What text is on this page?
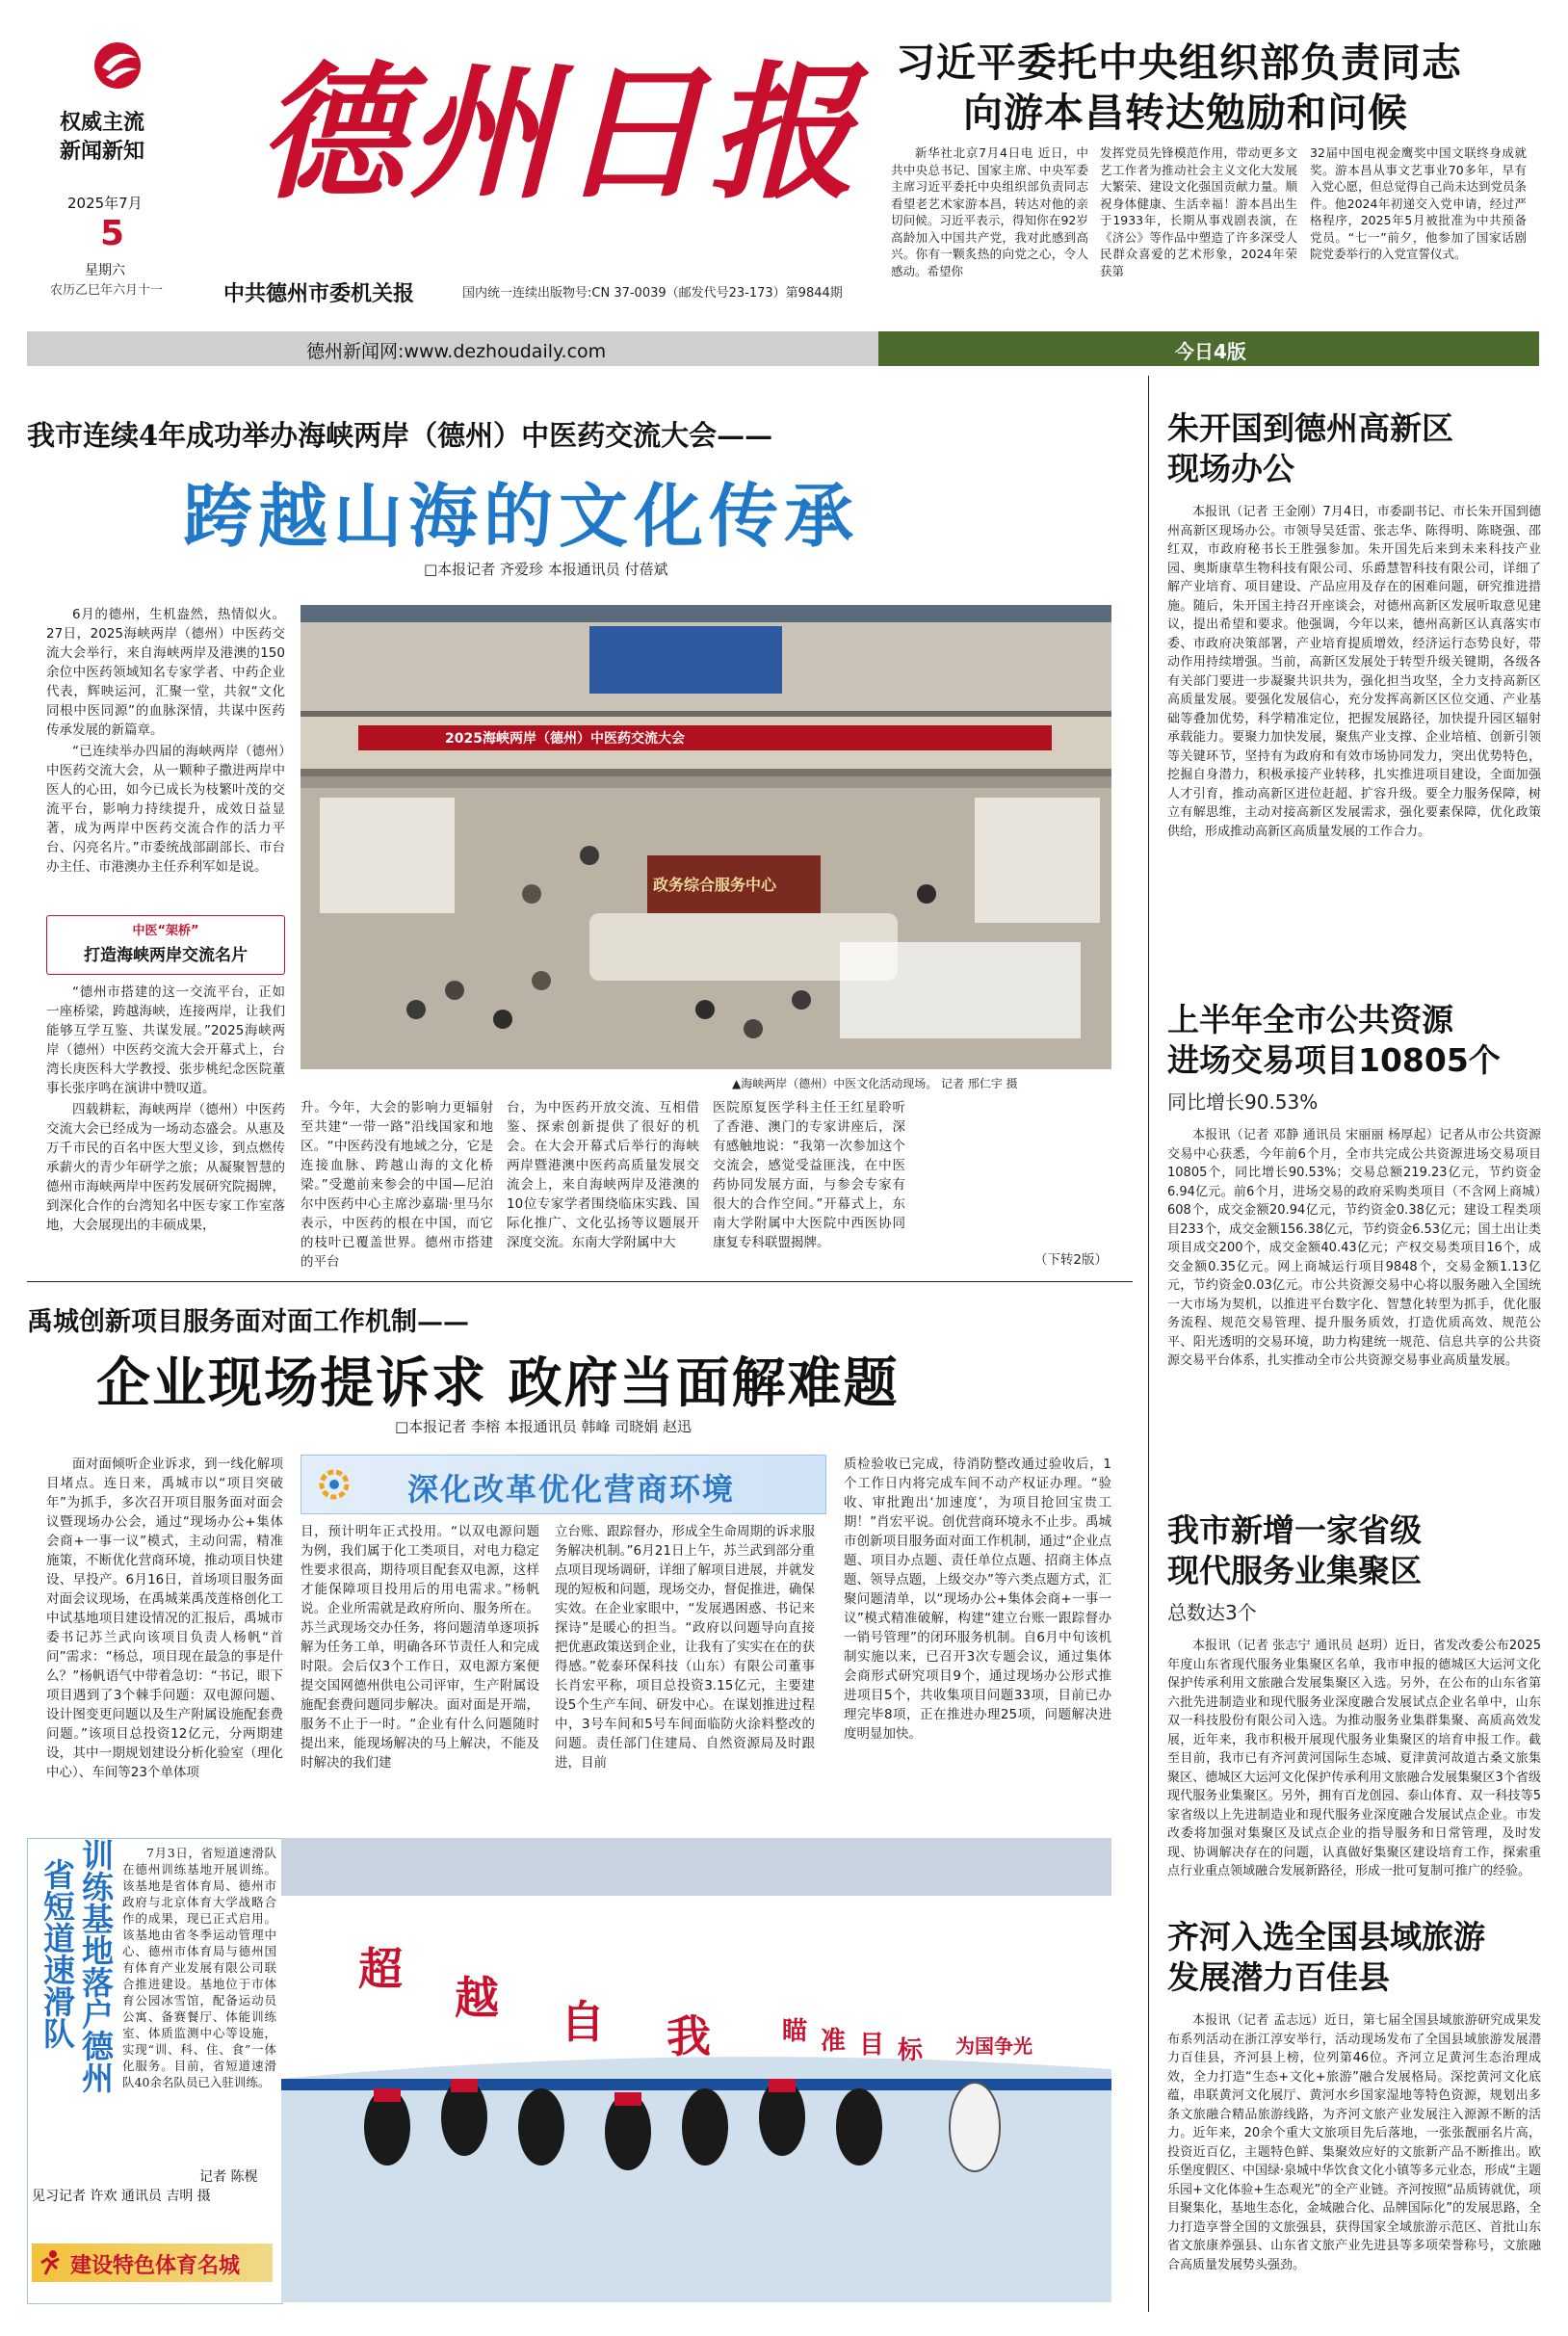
权威主流
新闻新知
2025年7月
5
星期六
农历乙巳年六月十一
德州日报
中共德州市委机关报	国内统一连续出版物号:CN 37-0039（邮发代号23-173）第9844期
习近平委托中央组织部负责同志
向游本昌转达勉励和问候
新华社北京7月4日电 近日，中共中央总书记、国家主席、中央军委主席习近平委托中央组织部负责同志看望老艺术家游本昌，转达对他的亲切问候。习近平表示，得知你在92岁高龄加入中国共产党，我对此感到高兴。你有一颗炙热的向党之心，令人感动。希望你
发挥党员先锋模范作用，带动更多文艺工作者为推动社会主义文化大发展大繁荣、建设文化强国贡献力量。顺祝身体健康、生活幸福！游本昌出生于1933年，长期从事戏剧表演，在《济公》等作品中塑造了许多深受人民群众喜爱的艺术形象，2024年荣获第
32届中国电视金鹰奖中国文联终身成就奖。游本昌从事文艺事业70多年，早有入党心愿，但总觉得自己尚未达到党员条件。他2024年初递交入党申请，经过严格程序，2025年5月被批准为中共预备党员。“七一”前夕，他参加了国家话剧院党委举行的入党宣誓仪式。
德州新闻网:www.dezhoudaily.com	今日4版
我市连续4年成功举办海峡两岸（德州）中医药交流大会——
跨越山海的文化传承
□本报记者 齐爱珍 本报通讯员 付蓓斌

6月的德州，生机盎然，热情似火。27日，2025海峡两岸（德州）中医药交流大会举行，来自海峡两岸及港澳的150余位中医药领域知名专家学者、中药企业代表，辉映运河，汇聚一堂，共叙“文化同根中医同源”的血脉深情，共谋中医药传承发展的新篇章。

“已连续举办四届的海峡两岸（德州）中医药交流大会，从一颗种子撒进两岸中医人的心田，如今已成长为枝繁叶茂的交流平台，影响力持续提升，成效日益显著，成为两岸中医药交流合作的活力平台、闪亮名片。”市委统战部副部长、市台办主任、市港澳办主任乔利军如是说。

中医“架桥”
打造海峡两岸交流名片

“德州市搭建的这一交流平台，正如一座桥梁，跨越海峡，连接两岸，让我们能够互学互鉴、共谋发展。”2025海峡两岸（德州）中医药交流大会开幕式上，台湾长庚医科大学教授、张步桃纪念医院董事长张序鸣在演讲中赞叹道。

四载耕耘，海峡两岸（德州）中医药交流大会已经成为一场动态盛会。从惠及万千市民的百名中医大型义诊，到点燃传承薪火的青少年研学之旅；从凝聚智慧的德州市海峡两岸中医药发展研究院揭牌，到深化合作的台湾知名中医专家工作室落地，大会展现出的丰硕成果，

2025海峡两岸（德州）中医药交流大会
政务综合服务中心
▲海峡两岸（德州）中医文化活动现场。 记者 邢仁宇 摄
升。今年，大会的影响力更辐射至共建“一带一路”沿线国家和地区。“中医药没有地域之分，它是连接血脉、跨越山海的文化桥梁。”受邀前来参会的中国—尼泊尔中医药中心主席沙嘉瑞·里马尔表示，中医药的根在中国，而它的枝叶已覆盖世界。德州市搭建的平台
台，为中医药开放交流、互相借鉴、探索创新提供了很好的机会。在大会开幕式后举行的海峡两岸暨港澳中医药高质量发展交流会上，来自海峡两岸及港澳的10位专家学者围绕临床实践、国际化推广、文化弘扬等议题展开深度交流。东南大学附属中大
医院原复医学科主任王红星聆听了香港、澳门的专家讲座后，深有感触地说：“我第一次参加这个交流会，感觉受益匪浅，在中医药协同发展方面，与参会专家有很大的合作空间。”开幕式上，东南大学附属中大医院中西医协同康复专科联盟揭牌。
（下转2版）
禹城创新项目服务面对面工作机制——
企业现场提诉求 政府当面解难题
□本报记者 李榕 本报通讯员 韩峰 司晓娟 赵迅
面对面倾听企业诉求，到一线化解项目堵点。连日来，禹城市以“项目突破年”为抓手，多次召开项目服务面对面会议暨现场办公会，通过“现场办公+集体会商+一事一议”模式，主动问需，精准施策，不断优化营商环境，推动项目快建设、早投产。6月16日，首场项目服务面对面会议现场，在禹城莱禹茂莲格创化工中试基地项目建设情况的汇报后，禹城市委书记苏兰武向该项目负责人杨帆“首问”需求：“杨总，项目现在最急的事是什么？”杨帆语气中带着急切：“书记，眼下项目遇到了3个棘手问题：双电源问题、设计图变更问题以及生产附属设施配套费问题。”该项目总投资12亿元，分两期建设，其中一期规划建设分析化验室（理化中心）、车间等23个单体项
深化改革优化营商环境
目，预计明年正式投用。“以双电源问题为例，我们属于化工类项目，对电力稳定性要求很高，期待项目配套双电源，这样才能保障项目投用后的用电需求。”杨帆说。企业所需就是政府所向、服务所在。苏兰武现场交办任务，将问题清单逐项拆解为任务工单，明确各环节责任人和完成时限。会后仅3个工作日，双电源方案便提交国网德州供电公司评审，生产附属设施配套费问题同步解决。面对面是开端，服务不止于一时。“企业有什么问题随时提出来，能现场解决的马上解决，不能及时解决的我们建
立台账、跟踪督办，形成全生命周期的诉求服务解决机制。”6月21日上午，苏兰武到部分重点项目现场调研，详细了解项目进展，并就发现的短板和问题，现场交办，督促推进，确保实效。在企业家眼中，“发展遇困惑、书记来探诗”是暖心的担当。“政府以问题导向直接把优惠政策送到企业，让我有了实实在在的获得感。”乾泰环保科技（山东）有限公司董事长肖宏平称，项目总投资3.15亿元，主要建设5个生产车间、研发中心。在谋划推进过程中，3号车间和5号车间面临防火涂料整改的问题。责任部门住建局、自然资源局及时跟进，目前
质检验收已完成，待消防整改通过验收后，1个工作日内将完成车间不动产权证办理。“验收、审批跑出‘加速度’，为项目抢回宝贵工期！”肖宏平说。创优营商环境永不止步。禹城市创新项目服务面对面工作机制，通过“企业点题、项目办点题、责任单位点题、招商主体点题、领导点题，上级交办”等六类点题方式，汇聚问题清单，以“现场办公+集体会商+一事一议”模式精准破解，构建“建立台账一跟踪督办一销号管理”的闭环服务机制。自6月中旬该机制实施以来，已召开3次专题会议，通过集体会商形式研究项目9个，通过现场办公形式推进项目5个，共收集项目问题33项，目前已办理完毕8项，正在推进办理25项，问题解决进度明显加快。
训练基地落户德州
省短道速滑队
7月3日，省短道速滑队在德州训练基地开展训练。该基地是省体育局、德州市政府与北京体育大学战略合作的成果，现已正式启用。该基地由省冬季运动管理中心、德州市体育局与德州国有体育产业发展有限公司联合推进建设。基地位于市体育公园冰雪馆，配备运动员公寓、备赛餐厅、体能训练室、体质监测中心等设施，实现“训、科、住、食”一体化服务。目前，省短道速滑队40余名队员已入驻训练。
记者 陈榥
见习记者 许欢 通讯员 吉明 摄
建设特色体育名城
超
越 自 我	瞄 准 目 标 为国争光
朱开国到德州高新区
现场办公
本报讯（记者 王金刚）7月4日，市委副书记、市长朱开国到德州高新区现场办公。市领导吴廷雷、张志华、陈得明、陈晓强、邵红双，市政府秘书长王胜强参加。朱开国先后来到未来科技产业园、奥斯康草生物科技有限公司、乐爵慧智科技有限公司，详细了解产业培育、项目建设、产品应用及存在的困难问题，研究推进措施。随后，朱开国主持召开座谈会，对德州高新区发展听取意见建议，提出希望和要求。他强调，今年以来，德州高新区认真落实市委、市政府决策部署，产业培育提质增效，经济运行态势良好，带动作用持续增强。当前，高新区发展处于转型升级关键期，各级各有关部门要进一步凝聚共识共为，强化担当攻坚，全力支持高新区高质量发展。要强化发展信心，充分发挥高新区区位交通、产业基础等叠加优势，科学精准定位，把握发展路径，加快提升园区辐射承载能力。要聚力加快发展，聚焦产业支撑、企业培植、创新引领等关键环节，坚持有为政府和有效市场协同发力，突出优势特色，挖掘自身潜力，积极承接产业转移，扎实推进项目建设，全面加强人才引育，推动高新区进位赶超、扩容升级。要全力服务保障，树立有解思维，主动对接高新区发展需求，强化要素保障，优化政策供给，形成推动高新区高质量发展的工作合力。
上半年全市公共资源
进场交易项目10805个
同比增长90.53%
本报讯（记者 邓静 通讯员 宋丽丽 杨厚起）记者从市公共资源交易中心获悉，今年前6个月，全市共完成公共资源进场交易项目10805个，同比增长90.53%；交易总额219.23亿元，节约资金6.94亿元。前6个月，进场交易的政府采购类项目（不含网上商城）608个，成交金额20.94亿元，节约资金0.38亿元；建设工程类项目233个，成交金额156.38亿元，节约资金6.53亿元；国土出让类项目成交200个，成交金额40.43亿元；产权交易类项目16个，成交金额0.35亿元。网上商城运行项目9848个，交易金额1.13亿元，节约资金0.03亿元。市公共资源交易中心将以服务融入全国统一大市场为契机，以推进平台数字化、智慧化转型为抓手，优化服务流程、规范交易管理、提升服务质效，打造优质高效、规范公平、阳光透明的交易环境，助力构建统一规范、信息共享的公共资源交易平台体系，扎实推动全市公共资源交易事业高质量发展。
我市新增一家省级
现代服务业集聚区
总数达3个
本报讯（记者 张志宁 通讯员 赵玥）近日，省发改委公布2025年度山东省现代服务业集聚区名单，我市申报的德城区大运河文化保护传承利用文旅融合发展集聚区入选。另外，在公布的山东省第六批先进制造业和现代服务业深度融合发展试点企业名单中，山东双一科技股份有限公司入选。为推动服务业集群集聚、高质高效发展，近年来，我市积极开展现代服务业集聚区的培育申报工作。截至目前，我市已有齐河黄河国际生态城、夏津黄河故道古桑文旅集聚区、德城区大运河文化保护传承利用文旅融合发展集聚区3个省级现代服务业集聚区。另外，拥有百龙创园、泰山体育、双一科技等5家省级以上先进制造业和现代服务业深度融合发展试点企业。市发改委将加强对集聚区及试点企业的指导服务和日常管理，及时发现、协调解决存在的问题，认真做好集聚区建设培育工作，探索重点行业重点领域融合发展新路径，形成一批可复制可推广的经验。
齐河入选全国县域旅游
发展潜力百佳县
本报讯（记者 孟志远）近日，第七届全国县域旅游研究成果发布系列活动在浙江淳安举行，活动现场发布了全国县域旅游发展潜力百佳县，齐河县上榜，位列第46位。齐河立足黄河生态治理成效，全力打造“生态+文化+旅游”融合发展格局。深挖黄河文化底蕴，串联黄河文化展厅、黄河水乡国家湿地等特色资源，规划出多条文旅融合精品旅游线路，为齐河文旅产业发展注入源源不断的活力。近年来，20余个重大文旅项目先后落地，一张张靓丽名片高，投资近百亿，主题特色鲜、集聚效应好的文旅新产品不断推出。欧乐堡度假区、中国绿·泉城中华饮食文化小镇等多元业态，形成“主题乐园+文化体验+生态观光”的全产业链。齐河按照“品质铸就优，项目聚集化，基地生态化，金城融合化、品牌国际化”的发展思路，全力打造享誉全国的文旅强县，获得国家全域旅游示范区、首批山东省文旅康养强县、山东省文旅产业先进县等多项荣誉称号，文旅融合高质量发展势头强劲。
